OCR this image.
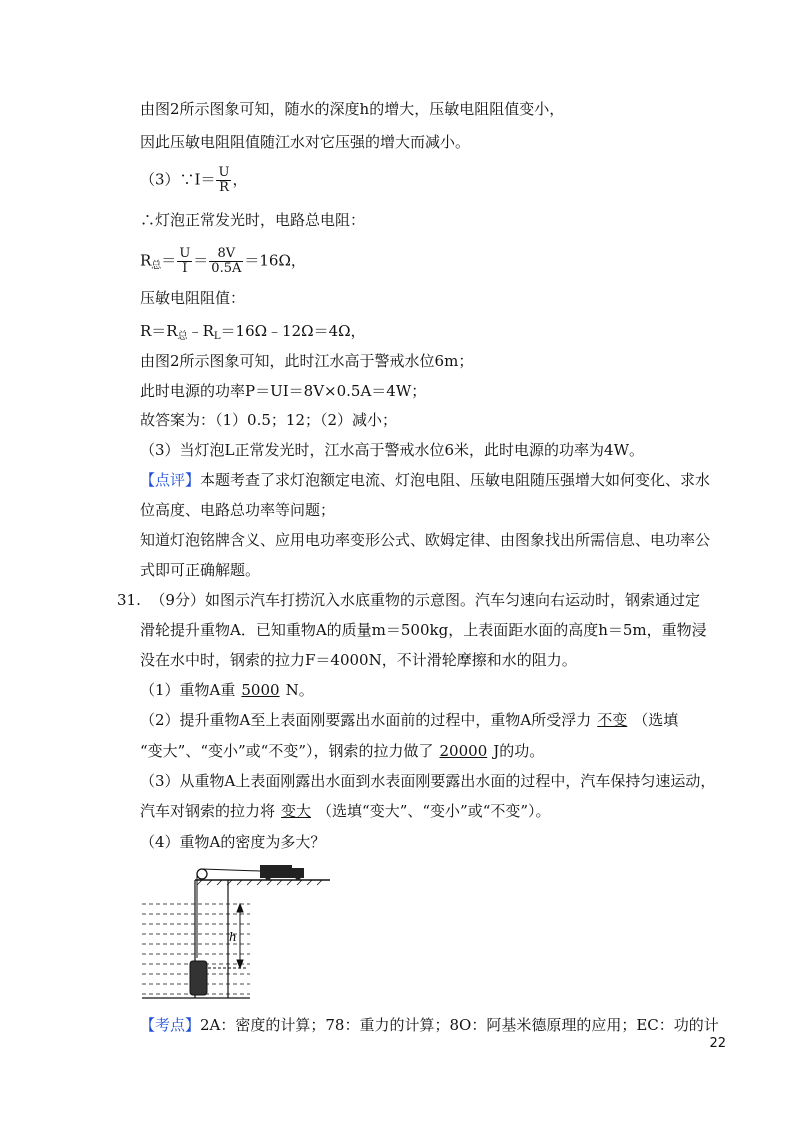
由图2所示图象可知，随水的深度h的增大，压敏电阻阻值变小，
因此压敏电阻阻值随江水对它压强的增大而减小。
（3）∵I＝ $\frac{U}{R}$ ，
∴灯泡正常发光时，电路总电阻：
$R_总= \frac{U}{I} = \frac{8V}{0.5A} =16\Omega$，
压敏电阻阻值：
$R=R_总﹣R_L=16\Omega﹣12\Omega=4\Omega$，
由图2所示图象可知，此时江水高于警戒水位6m；
此时电源的功率P＝UI＝8V×0.5A＝4W；
故答案为：（1）0.5；12；（2）减小；
（3）当灯泡L正常发光时，江水高于警戒水位6米，此时电源的功率为4W。
【点评】本题考查了求灯泡额定电流、灯泡电阻、压敏电阻随压强增大如何变化、求水
位高度、电路总功率等问题；
知道灯泡铭牌含义、应用电功率变形公式、欧姆定律、由图象找出所需信息、电功率公
式即可正确解题。
31. （9分）如图示汽车打捞沉入水底重物的示意图。汽车匀速向右运动时，钢索通过定
滑轮提升重物A．已知重物A的质量m＝500kg，上表面距水面的高度h＝5m，重物浸
没在水中时，钢索的拉力F＝4000N，不计滑轮摩擦和水的阻力。
（1）重物A重 5000 N。
（2）提升重物A至上表面刚要露出水面前的过程中，重物A所受浮力 不变 （选填
“变大”、“变小”或“不变”），钢索的拉力做了 20000 J的功。
（3）从重物A上表面刚露出水面到水表面刚要露出水面的过程中，汽车保持匀速运动，
汽车对钢索的拉力将 变大 （选填“变大”、“变小”或“不变”）。
（4）重物A的密度为多大？
h
【考点】2A：密度的计算；78：重力的计算；8O：阿基米德原理的应用；EC：功的计
22
